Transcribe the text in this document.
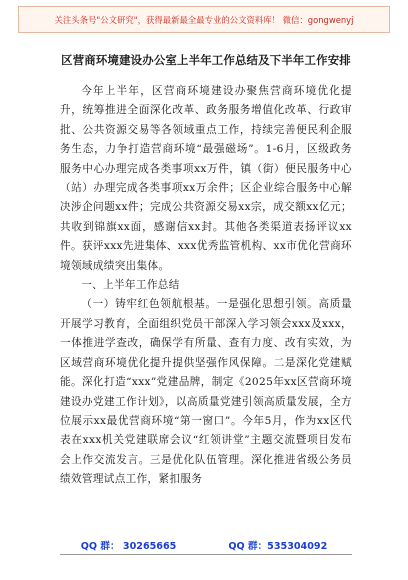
关注头条号"公文研究"，获得最新最全最专业的公文资料库！ 微信：gongwenyj
区营商环境建设办公室上半年工作总结及下半年工作安排

今年上半年，区营商环境建设办聚焦营商环境优化提升，统筹推进全面深化改革、政务服务增值化改革、行政审批、公共资源交易等各领域重点工作，持续完善便民利企服务生态，力争打造营商环境“最强磁场”。1-6月，区级政务服务中心办理完成各类事项xx万件，镇（街）便民服务中心（站）办理完成各类事项xx万余件；区企业综合服务中心解决涉企问题xx件；完成公共资源交易xx宗，成交额xx亿元；共收到锦旗xx面，感谢信xx封。其他各类渠道表扬评议xx件。获评xxx先进集体、xxx优秀监管机构、xx市优化营商环境领域成绩突出集体。

一、上半年工作总结

（一）铸牢红色领航根基。一是强化思想引领。高质量开展学习教育，全面组织党员干部深入学习领会xxx及xxx，一体推进学查改，确保学有所量、查有力度、改有实效，为区域营商环境优化提升提供坚强作风保障。二是深化党建赋能。深化打造“xxx”党建品牌，制定《2025年xx区营商环境建设办党建工作计划》，以高质量党建引领高质量发展，全方位展示xx最优营商环境“第一窗口”。今年5月，作为xx区代表在xxx机关党建联席会议“红领讲堂”主题交流暨项目发布会上作交流发言。三是优化队伍管理。深化推进省级公务员绩效管理试点工作，紧扣服务

QQ 群： 30265665	QQ 群：535304092
